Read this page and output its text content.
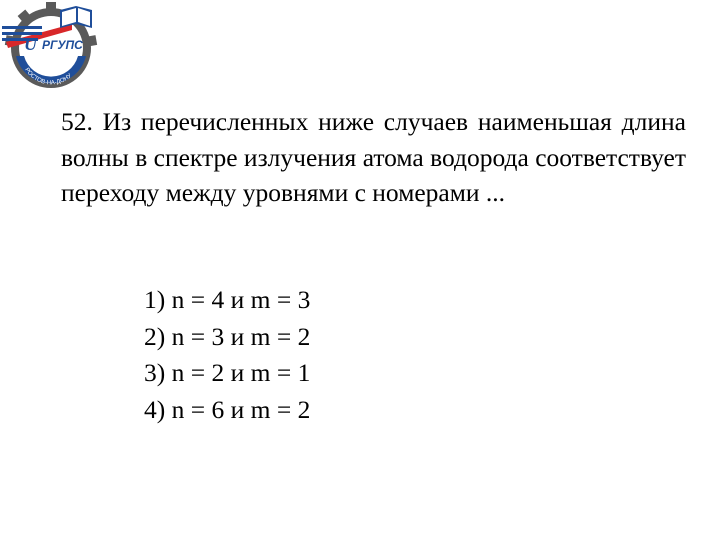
U РГУПС
РОСТОВ-НА-ДОНУ
52. Из перечисленных ниже случаев наименьшая длина волны в спектре излучения атома водорода соответствует переходу между уровнями с номерами ...
1) n = 4 и m = 3
2) n = 3 и m = 2
3) n = 2 и m = 1
4) n = 6 и m = 2
